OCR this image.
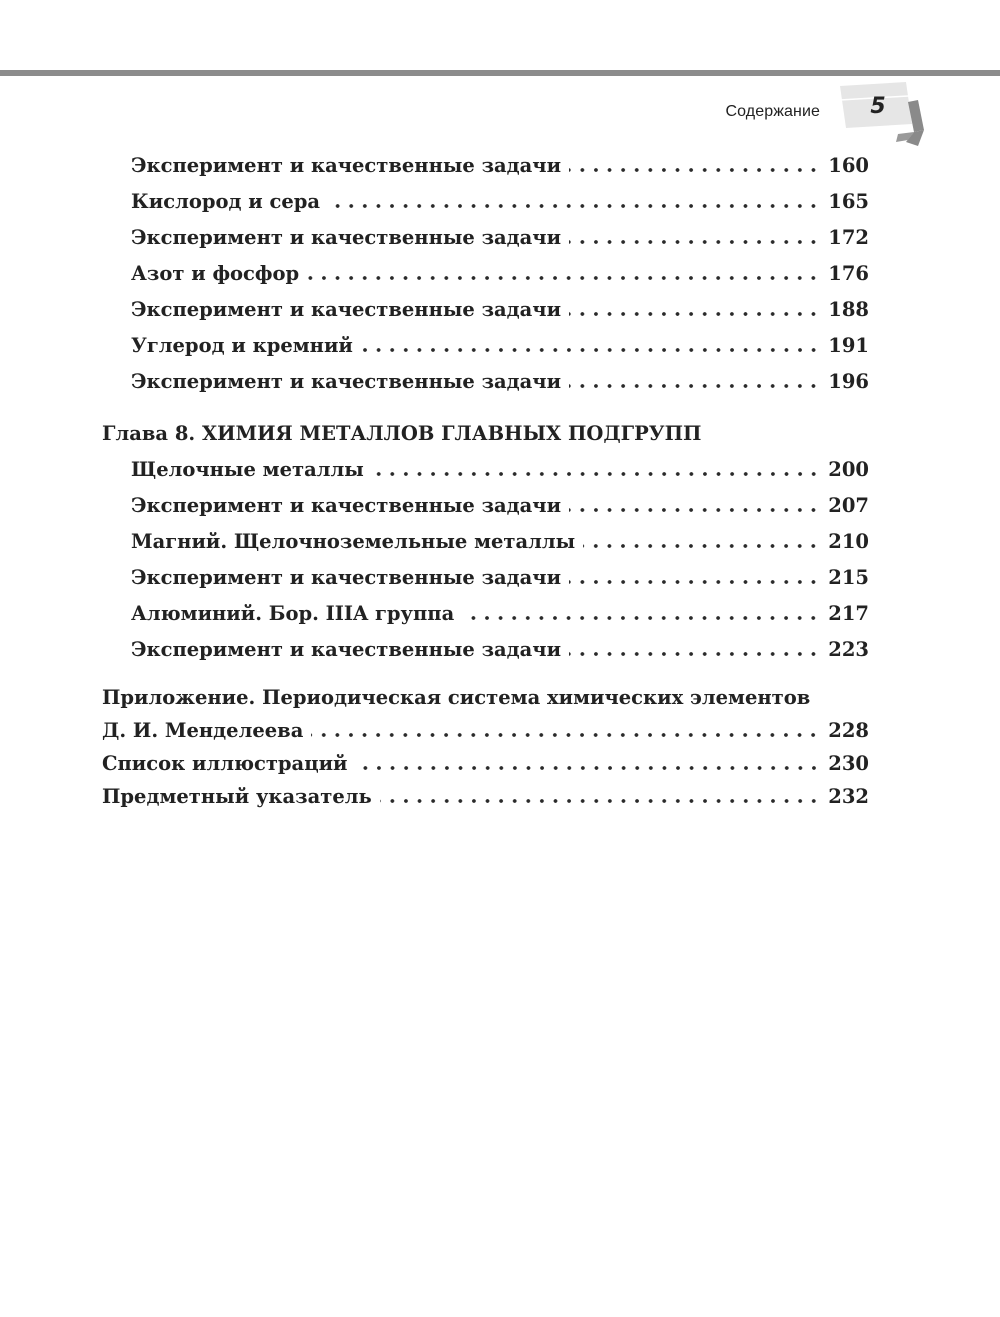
Содержание	5
Эксперимент и качественные задачи	160
Кислород и сера	165
Эксперимент и качественные задачи	172
Азот и фосфор	176
Эксперимент и качественные задачи	188
Углерод и кремний	191
Эксперимент и качественные задачи	196
Глава 8. ХИМИЯ МЕТАЛЛОВ ГЛАВНЫХ ПОДГРУПП
Щелочные металлы	200
Эксперимент и качественные задачи	207
Магний. Щелочноземельные металлы	210
Эксперимент и качественные задачи	215
Алюминий. Бор. IIIA группа	217
Эксперимент и качественные задачи	223
Приложение. Периодическая система химических элементов
Д. И. Менделеева	228
Список иллюстраций	230
Предметный указатель	232
